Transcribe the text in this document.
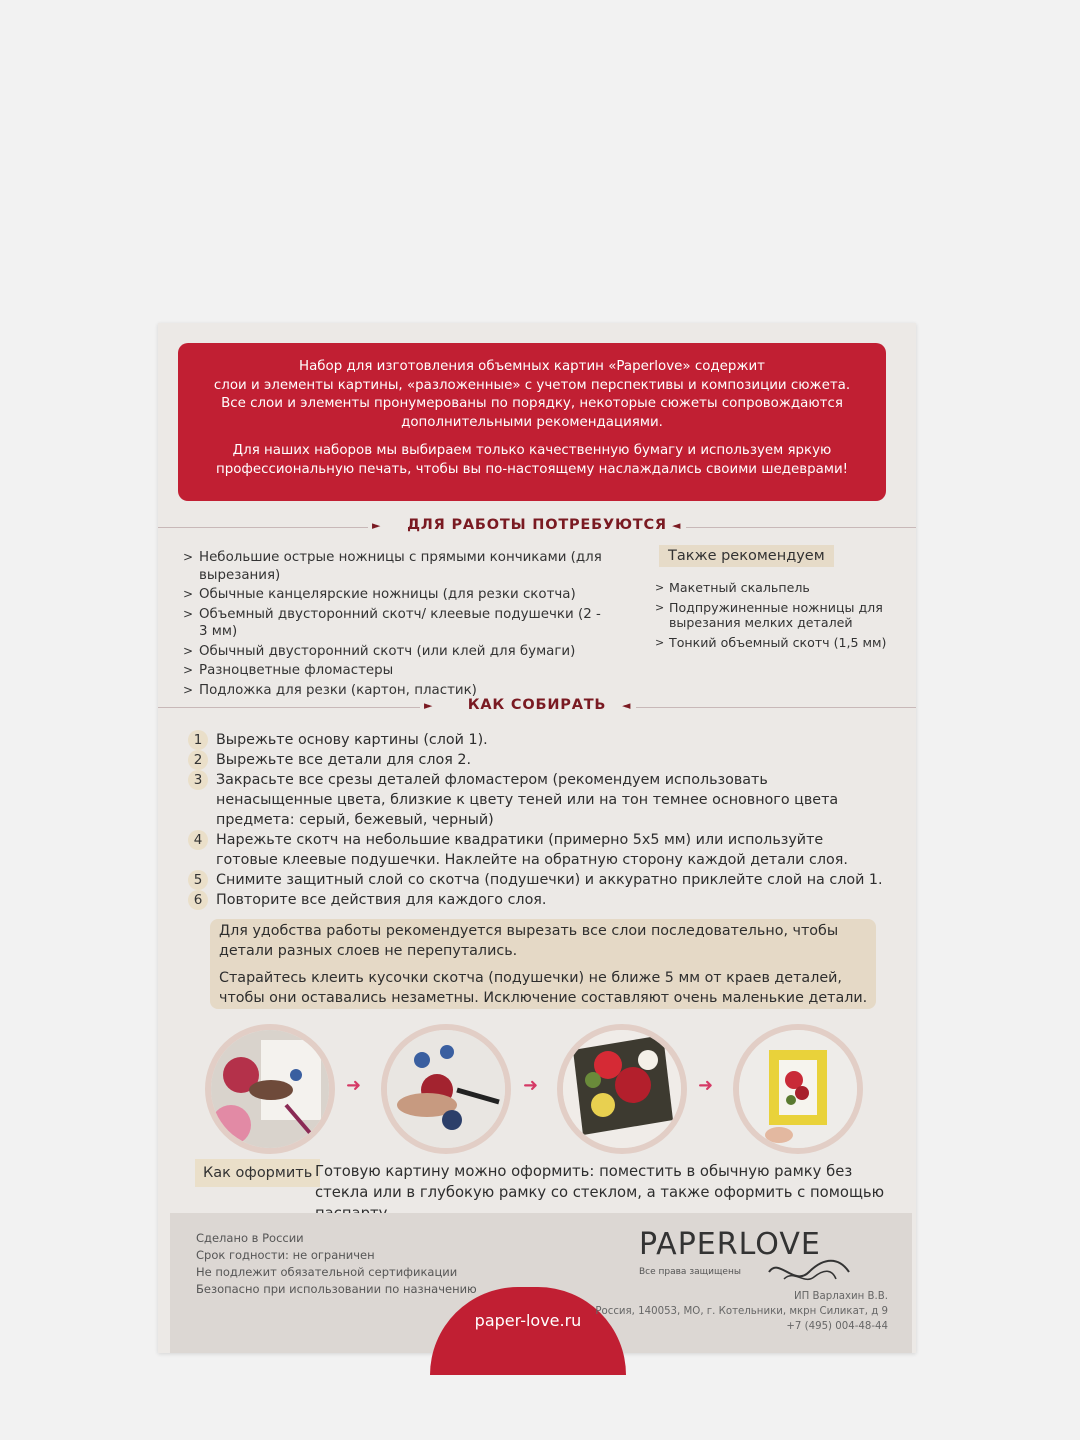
Набор для изготовления объемных картин «Paperlove» содержит
слои и элементы картины, «разложенные» с учетом перспективы и композиции сюжета.
Все слои и элементы пронумерованы по порядку, некоторые сюжеты сопровождаются
дополнительными рекомендациями.

Для наших наборов мы выбираем только качественную бумагу и используем яркую
профессиональную печать, чтобы вы по-настоящему наслаждались своими шедеврами!

►	ДЛЯ РАБОТЫ ПОТРЕБУЮТСЯ ◄
> Небольшие острые ножницы с прямыми кончиками (для вырезания)
> Обычные канцелярские ножницы (для резки скотча)
> Объемный двусторонний скотч/ клеевые подушечки (2 - 3 мм)
> Обычный двусторонний скотч (или клей для бумаги)
> Разноцветные фломастеры
> Подложка для резки (картон, пластик)
Также рекомендуем
> Макетный скальпель
> Подпружиненные ножницы для вырезания мелких деталей
> Тонкий объемный скотч (1,5 мм)
►	КАК СОБИРАТЬ	◄
1 Вырежьте основу картины (слой 1).
2 Вырежьте все детали для слоя 2.
3 Закрасьте все срезы деталей фломастером (рекомендуем использовать ненасыщенные цвета, близкие к цвету теней или на тон темнее основного цвета предмета: серый, бежевый, черный)
4 Нарежьте скотч на небольшие квадратики (примерно 5х5 мм) или используйте готовые клеевые подушечки. Наклейте на обратную сторону каждой детали слоя.
5 Снимите защитный слой со скотча (подушечки) и аккуратно приклейте слой на слой 1.
6 Повторите все действия для каждого слоя.

Для удобства работы рекомендуется вырезать все слои последовательно, чтобы детали разных слоев не перепутались.

Старайтесь клеить кусочки скотча (подушечки) не ближе 5 мм от краев деталей, чтобы они оставались незаметны. Исключение составляют очень маленькие детали.

➜	➜	➜
Как оформить Готовую картину можно оформить: поместить в обычную рамку без стекла или в глубокую рамку со стеклом, а также оформить с помощью
Сделано в России
Срок годности: не ограничен
Не подлежит обязательной сертификации
Безопасно при использовании по назначению
paper-love.ru
PAPERLOVE
Все права защищены
ИП Варлахин В.В.
Россия, 140053, МО, г. Котельники, мкрн Силикат, д 9
+7 (495) 004-48-44
